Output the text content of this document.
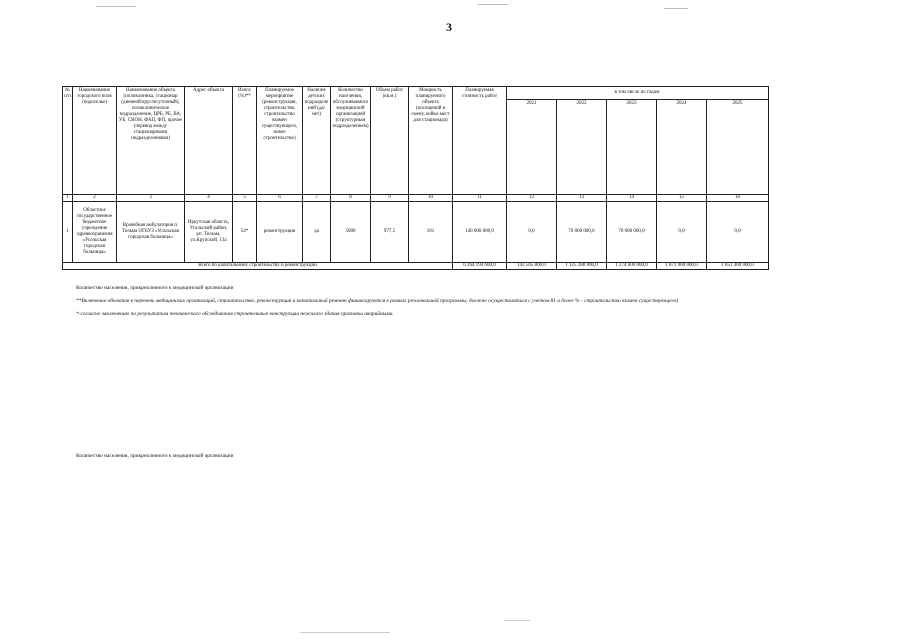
3
№ п/п	Наименование городского поля (подоселье)	Наименование объекта (поликлиника, стационар (дневной/круглосуточный), поликлиническое подразделение, ЦРБ, РБ, ВА, УБ, СВОН, ФАП, ФП, прочее (перевод между стационарными подразделениями)	Адрес объекта	Износ (%)**	Планируемое мероприятие (реконструкция, строительство, строительство взамен существующего, новое строительство)	Наличие детских подразделений (да/нет)	Количество населения, обслуживаемого медицинской организацией (структурным подразделением)	Объем работ (кв.м.)	Мощность планируемого объекта (посещений в смену, койко-мест для стационара)	Планируемая стоимость работ	в том числе по годам:				
											2021	2022	2023	2024	2025
1	2	3	4	5	6	7	8	9	10	11	12	13	14	15	16
1	Областное государственное бюджетное учреждение здравоохранения «Усольская городская больница»	Врачебная амбулатория п. Тельма ОГБУЗ «Усольская городская больница»	Иркутская область, Усольский район, рп. Тельма, ул.Крупской, 13а	54*	реконструкция	да	5000	977,5	101	140 000 000,0	0,0	70 000 000,0	70 000 000,0	0,0	0,0
Всего по капитальному строительству и реконструкции										6 264 194 600,0	142 505 800,0	1 125 288 800,0	1 274 000 000,0	1 871 000 000,0	1 851 400 000,0

Количество населения, прикрепленного к медицинской организации

**Включение объектов в перечень медицинских организаций, строительство, реконструкция и капитальный ремонт финансируются в рамках региональной программы, должно осуществляться с учетом 81 и более % - строительство взамен существующего)

*-согласно заключению по результатам технического обследования строительные конструкции нежилого здания признаны аварийными.

Количество населения, прикрепленного к медицинской организации
